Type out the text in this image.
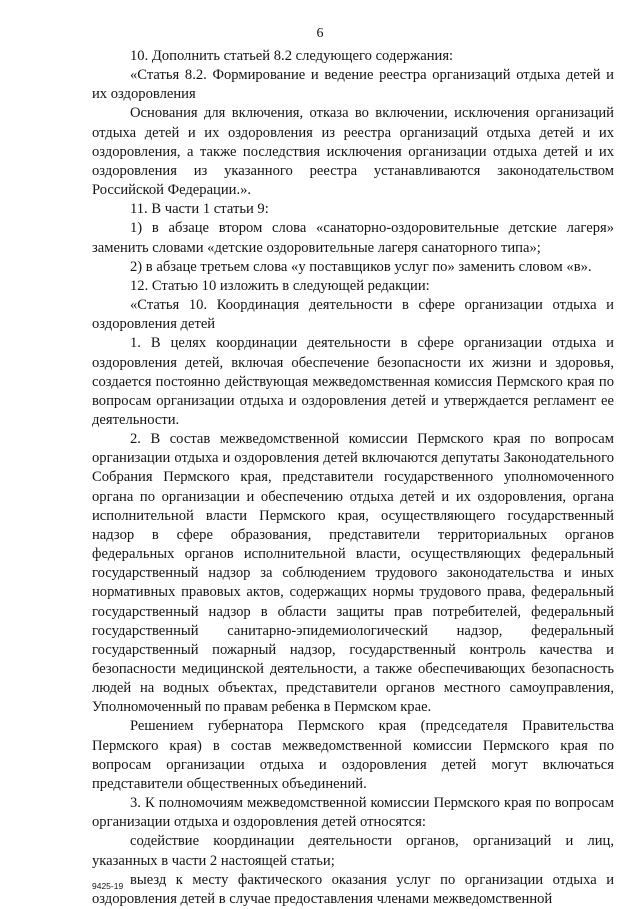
6

10. Дополнить статьей 8.2 следующего содержания:

«Статья 8.2. Формирование и ведение реестра организаций отдыха детей и их оздоровления

Основания для включения, отказа во включении, исключения организаций отдыха детей и их оздоровления из реестра организаций отдыха детей и их оздоровления, а также последствия исключения организации отдыха детей и их оздоровления из указанного реестра устанавливаются законодательством Российской Федерации.».

11. В части 1 статьи 9:

1) в абзаце втором слова «санаторно-оздоровительные детские лагеря» заменить словами «детские оздоровительные лагеря санаторного типа»;

2) в абзаце третьем слова «у поставщиков услуг по» заменить словом «в».

12. Статью 10 изложить в следующей редакции:

«Статья 10. Координация деятельности в сфере организации отдыха и оздоровления детей

1. В целях координации деятельности в сфере организации отдыха и оздоровления детей, включая обеспечение безопасности их жизни и здоровья, создается постоянно действующая межведомственная комиссия Пермского края по вопросам организации отдыха и оздоровления детей и утверждается регламент ее деятельности.

2. В состав межведомственной комиссии Пермского края по вопросам организации отдыха и оздоровления детей включаются депутаты Законодательного Собрания Пермского края, представители государственного уполномоченного органа по организации и обеспечению отдыха детей и их оздоровления, органа исполнительной власти Пермского края, осуществляющего государственный надзор в сфере образования, представители территориальных органов федеральных органов исполнительной власти, осуществляющих федеральный государственный надзор за соблюдением трудового законодательства и иных нормативных правовых актов, содержащих нормы трудового права, федеральный государственный надзор в области защиты прав потребителей, федеральный государственный санитарно-эпидемиологический надзор, федеральный государственный пожарный надзор, государственный контроль качества и безопасности медицинской деятельности, а также обеспечивающих безопасность людей на водных объектах, представители органов местного самоуправления, Уполномоченный по правам ребенка в Пермском крае.

Решением губернатора Пермского края (председателя Правительства Пермского края) в состав межведомственной комиссии Пермского края по вопросам организации отдыха и оздоровления детей могут включаться представители общественных объединений.

3. К полномочиям межведомственной комиссии Пермского края по вопросам организации отдыха и оздоровления детей относятся:

содействие координации деятельности органов, организаций и лиц, указанных в части 2 настоящей статьи;

выезд к месту фактического оказания услуг по организации отдыха и оздоровления детей в случае предоставления членами межведомственной

9425-19
